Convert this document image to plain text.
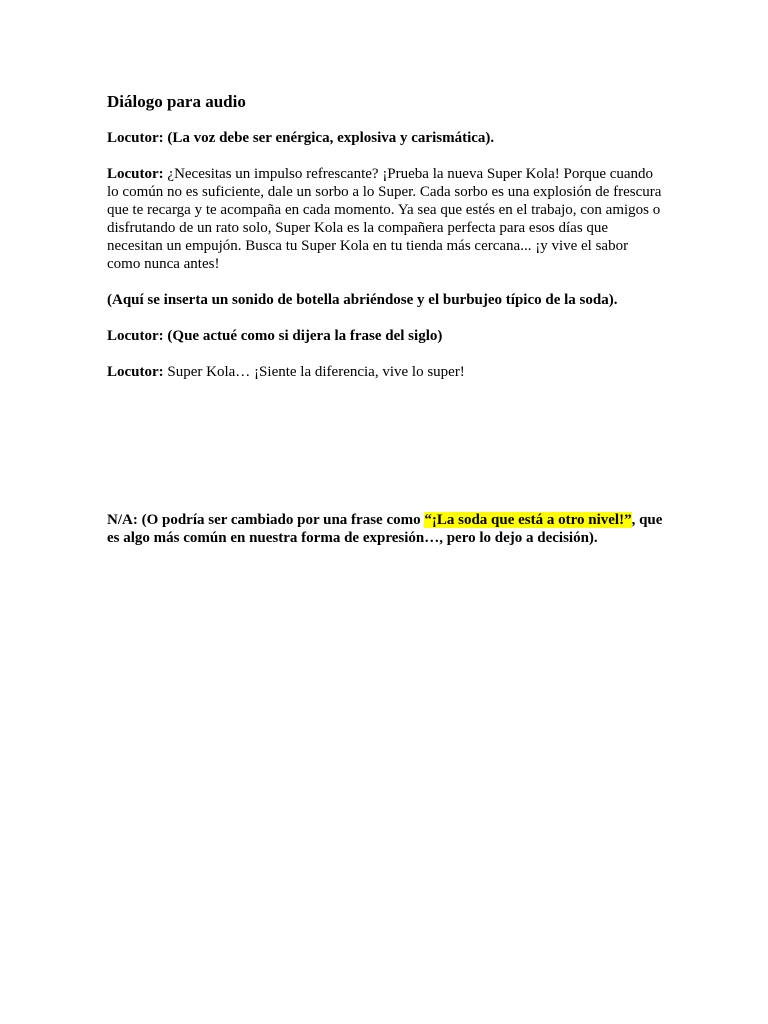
Diálogo para audio

Locutor: (La voz debe ser enérgica, explosiva y carismática).

Locutor: ¿Necesitas un impulso refrescante? ¡Prueba la nueva Super Kola! Porque cuando lo común no es suficiente, dale un sorbo a lo Super. Cada sorbo es una explosión de frescura que te recarga y te acompaña en cada momento. Ya sea que estés en el trabajo, con amigos o disfrutando de un rato solo, Super Kola es la compañera perfecta para esos días que necesitan un empujón. Busca tu Super Kola en tu tienda más cercana... ¡y vive el sabor como nunca antes!

(Aquí se inserta un sonido de botella abriéndose y el burbujeo típico de la soda).

Locutor: (Que actué como si dijera la frase del siglo)

Locutor: Super Kola… ¡Siente la diferencia, vive lo super!

N/A: (O podría ser cambiado por una frase como “¡La soda que está a otro nivel!”, que es algo más común en nuestra forma de expresión…, pero lo dejo a decisión).
